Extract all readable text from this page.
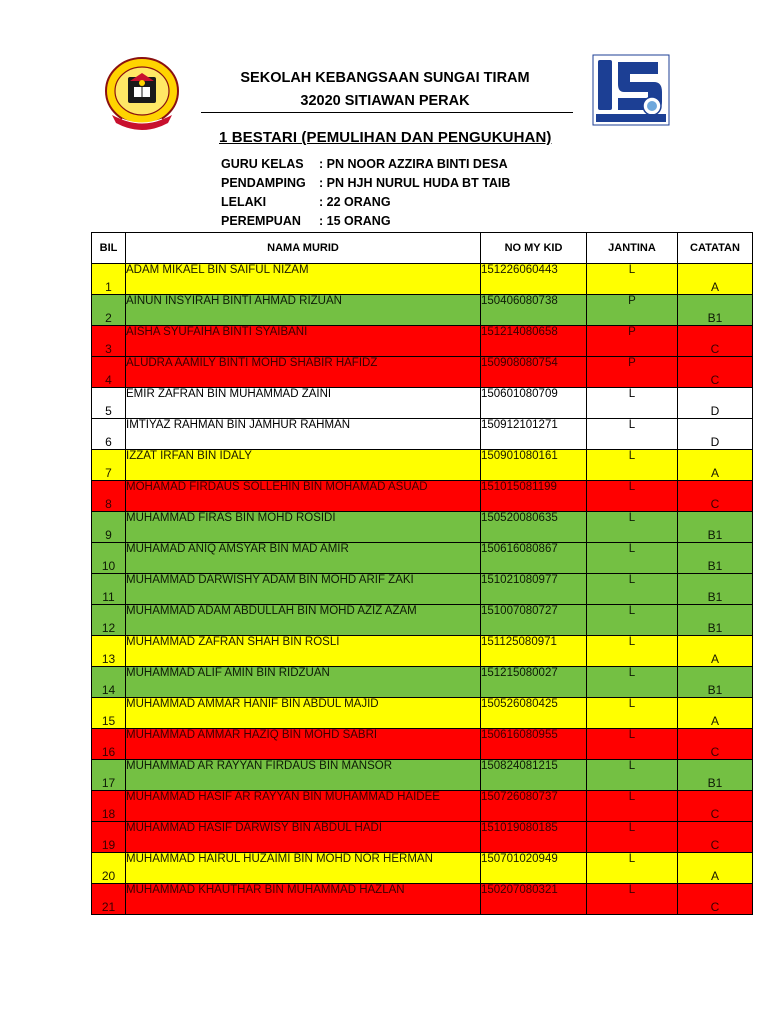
SEKOLAH KEBANGSAAN SUNGAI TIRAM
32020 SITIAWAN PERAK
1 BESTARI (PEMULIHAN DAN PENGUKUHAN)
GURU KELAS : PN NOOR AZZIRA BINTI DESA
PENDAMPING : PN HJH NURUL HUDA BT TAIB
LELAKI	: 22 ORANG
PEREMPUAN : 15 ORANG
BIL	NAMA MURID	NO MY KID	JANTINA	CATATAN
1	ADAM MIKAEL BIN SAIFUL NIZAM	151226060443	L	A
2	AINUN INSYIRAH BINTI AHMAD RIZUAN	150406080738	P	B1
3	AISHA SYUFAIHA BINTI SYAIBANI	151214080658	P	C
4	ALUDRA AAMILY BINTI MOHD SHABIR HAFIDZ	150908080754	P	C
5	EMIR ZAFRAN BIN MUHAMMAD ZAINI	150601080709	L	D
6	IMTIYAZ RAHMAN BIN JAMHUR RAHMAN	150912101271	L	D
7	IZZAT IRFAN BIN IDALY	150901080161	L	A
8	MOHAMAD FIRDAUS SOLLEHIN BIN MOHAMAD ASUAD	151015081199	L	C
9	MUHAMMAD FIRAS BIN MOHD ROSIDI	150520080635	L	B1
10	MUHAMAD ANIQ AMSYAR BIN MAD AMIR	150616080867	L	B1
11	MUHAMMAD DARWISHY ADAM BIN MOHD ARIF ZAKI	151021080977	L	B1
12	MUHAMMAD ADAM ABDULLAH BIN MOHD AZIZ AZAM	151007080727	L	B1
13	MUHAMMAD ZAFRAN SHAH BIN ROSLI	151125080971	L	A
14	MUHAMMAD ALIF AMIN BIN RIDZUAN	151215080027	L	B1
15	MUHAMMAD AMMAR HANIF BIN ABDUL MAJID	150526080425	L	A
16	MUHAMMAD AMMAR HAZIQ BIN MOHD SABRI	150616080955	L	C
17	MUHAMMAD AR RAYYAN FIRDAUS BIN MANSOR	150824081215	L	B1
18	MUHAMMAD HASIF AR RAYYAN BIN MUHAMMAD HAIDEE	150726080737	L	C
19	MUHAMMAD HASIF DARWISY BIN ABDUL HADI	151019080185	L	C
20	MUHAMMAD HAIRUL HUZAIMI BIN MOHD NOR HERMAN	150701020949	L	A
21	MUHAMMAD KHAUTHAR BIN MUHAMMAD HAZLAN	150207080321	L	C
